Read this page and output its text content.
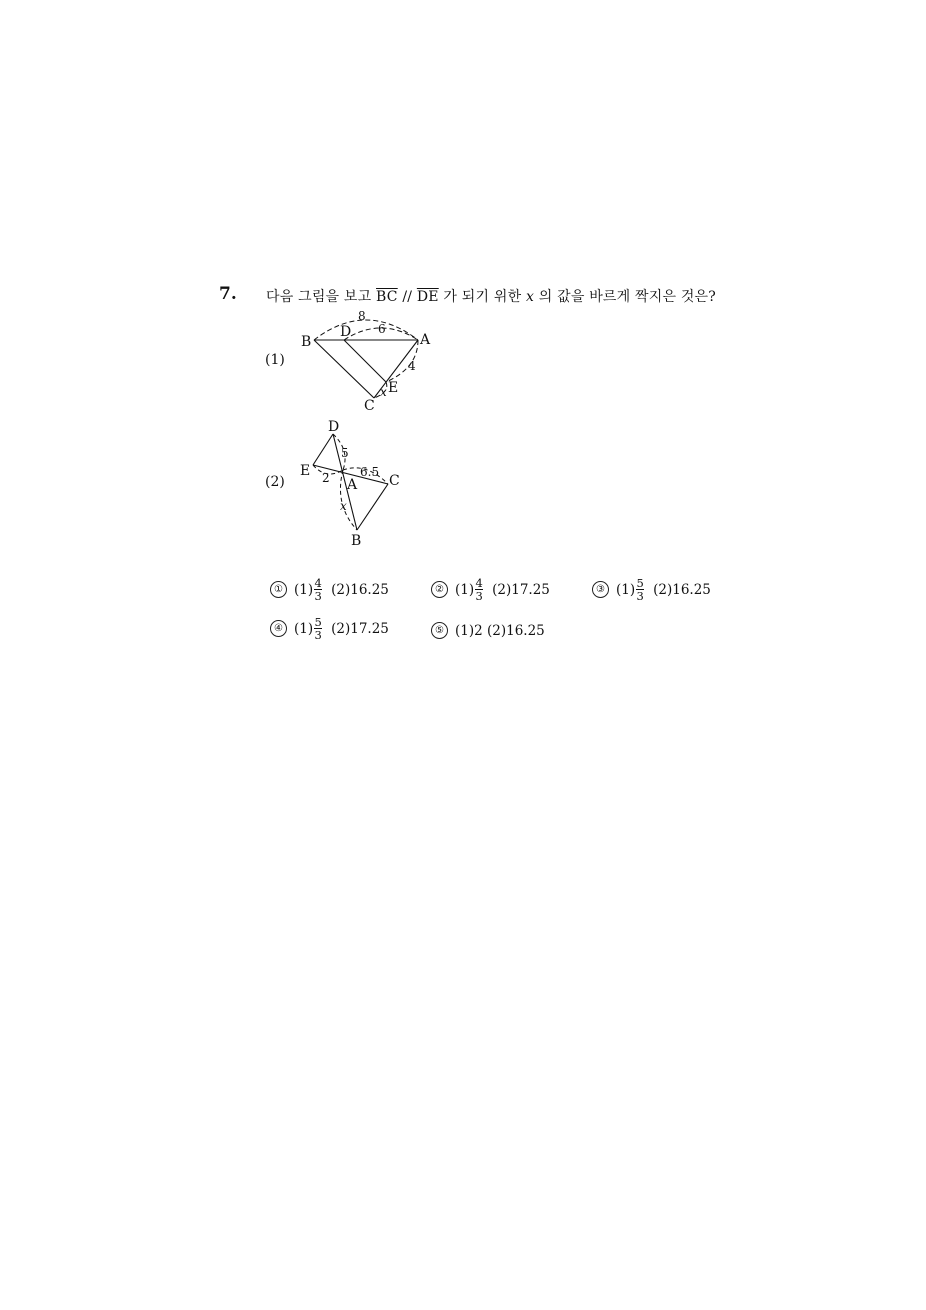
7. 다음 그림을 보고 $\overline{BC} // \overline{DE}$ 가 되기 위한 x 의 값을 바르게 짝지은 것은?
(1)
B
D	A
E
C
8
6
4
x
(2)
D
E
A C
B
5
2	6.5
x
① $(1) \frac{4}{3} (2)16.25$	② $(1) \frac{4}{3} (2)17.25$	③ $(1) \frac{5}{3} (2)16.25$
④ $(1) \frac{5}{3} (2)17.25$	⑤ (1)2 (2)16.25
